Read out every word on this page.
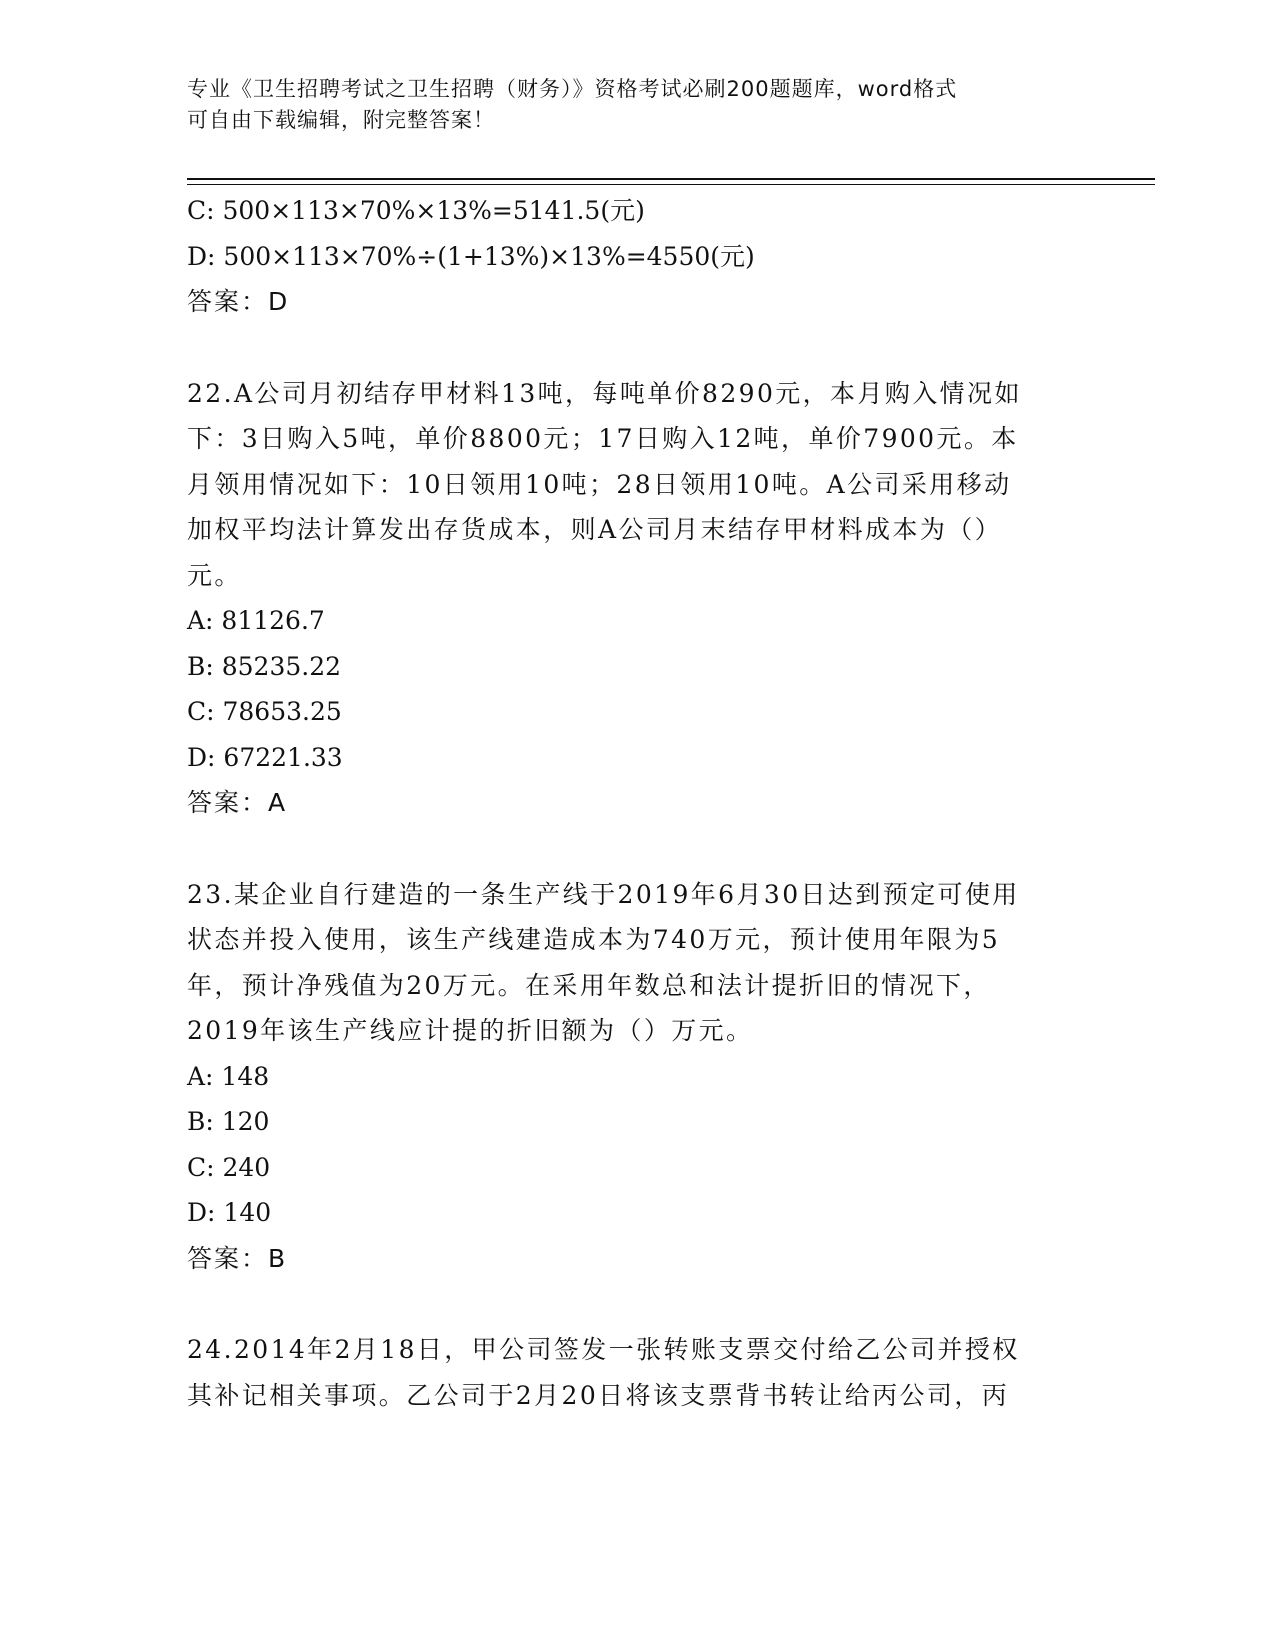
专业《卫生招聘考试之卫生招聘（财务）》资格考试必刷200题题库，word格式
可自由下载编辑，附完整答案！
C: 500×113×70%×13%=5141.5(元)
D: 500×113×70%÷(1+13%)×13%=4550(元)
答案：D
22.A公司月初结存甲材料13吨，每吨单价8290元，本月购入情况如
下：3日购入5吨，单价8800元；17日购入12吨，单价7900元。本
月领用情况如下：10日领用10吨；28日领用10吨。A公司采用移动
加权平均法计算发出存货成本，则A公司月末结存甲材料成本为（）
元。
A: 81126.7
B: 85235.22
C: 78653.25
D: 67221.33
答案：A
23.某企业自行建造的一条生产线于2019年6月30日达到预定可使用
状态并投入使用，该生产线建造成本为740万元，预计使用年限为5
年，预计净残值为20万元。在采用年数总和法计提折旧的情况下，
2019年该生产线应计提的折旧额为（）万元。
A: 148
B: 120
C: 240
D: 140
答案：B
24.2014年2月18日，甲公司签发一张转账支票交付给乙公司并授权
其补记相关事项。乙公司于2月20日将该支票背书转让给丙公司，丙
